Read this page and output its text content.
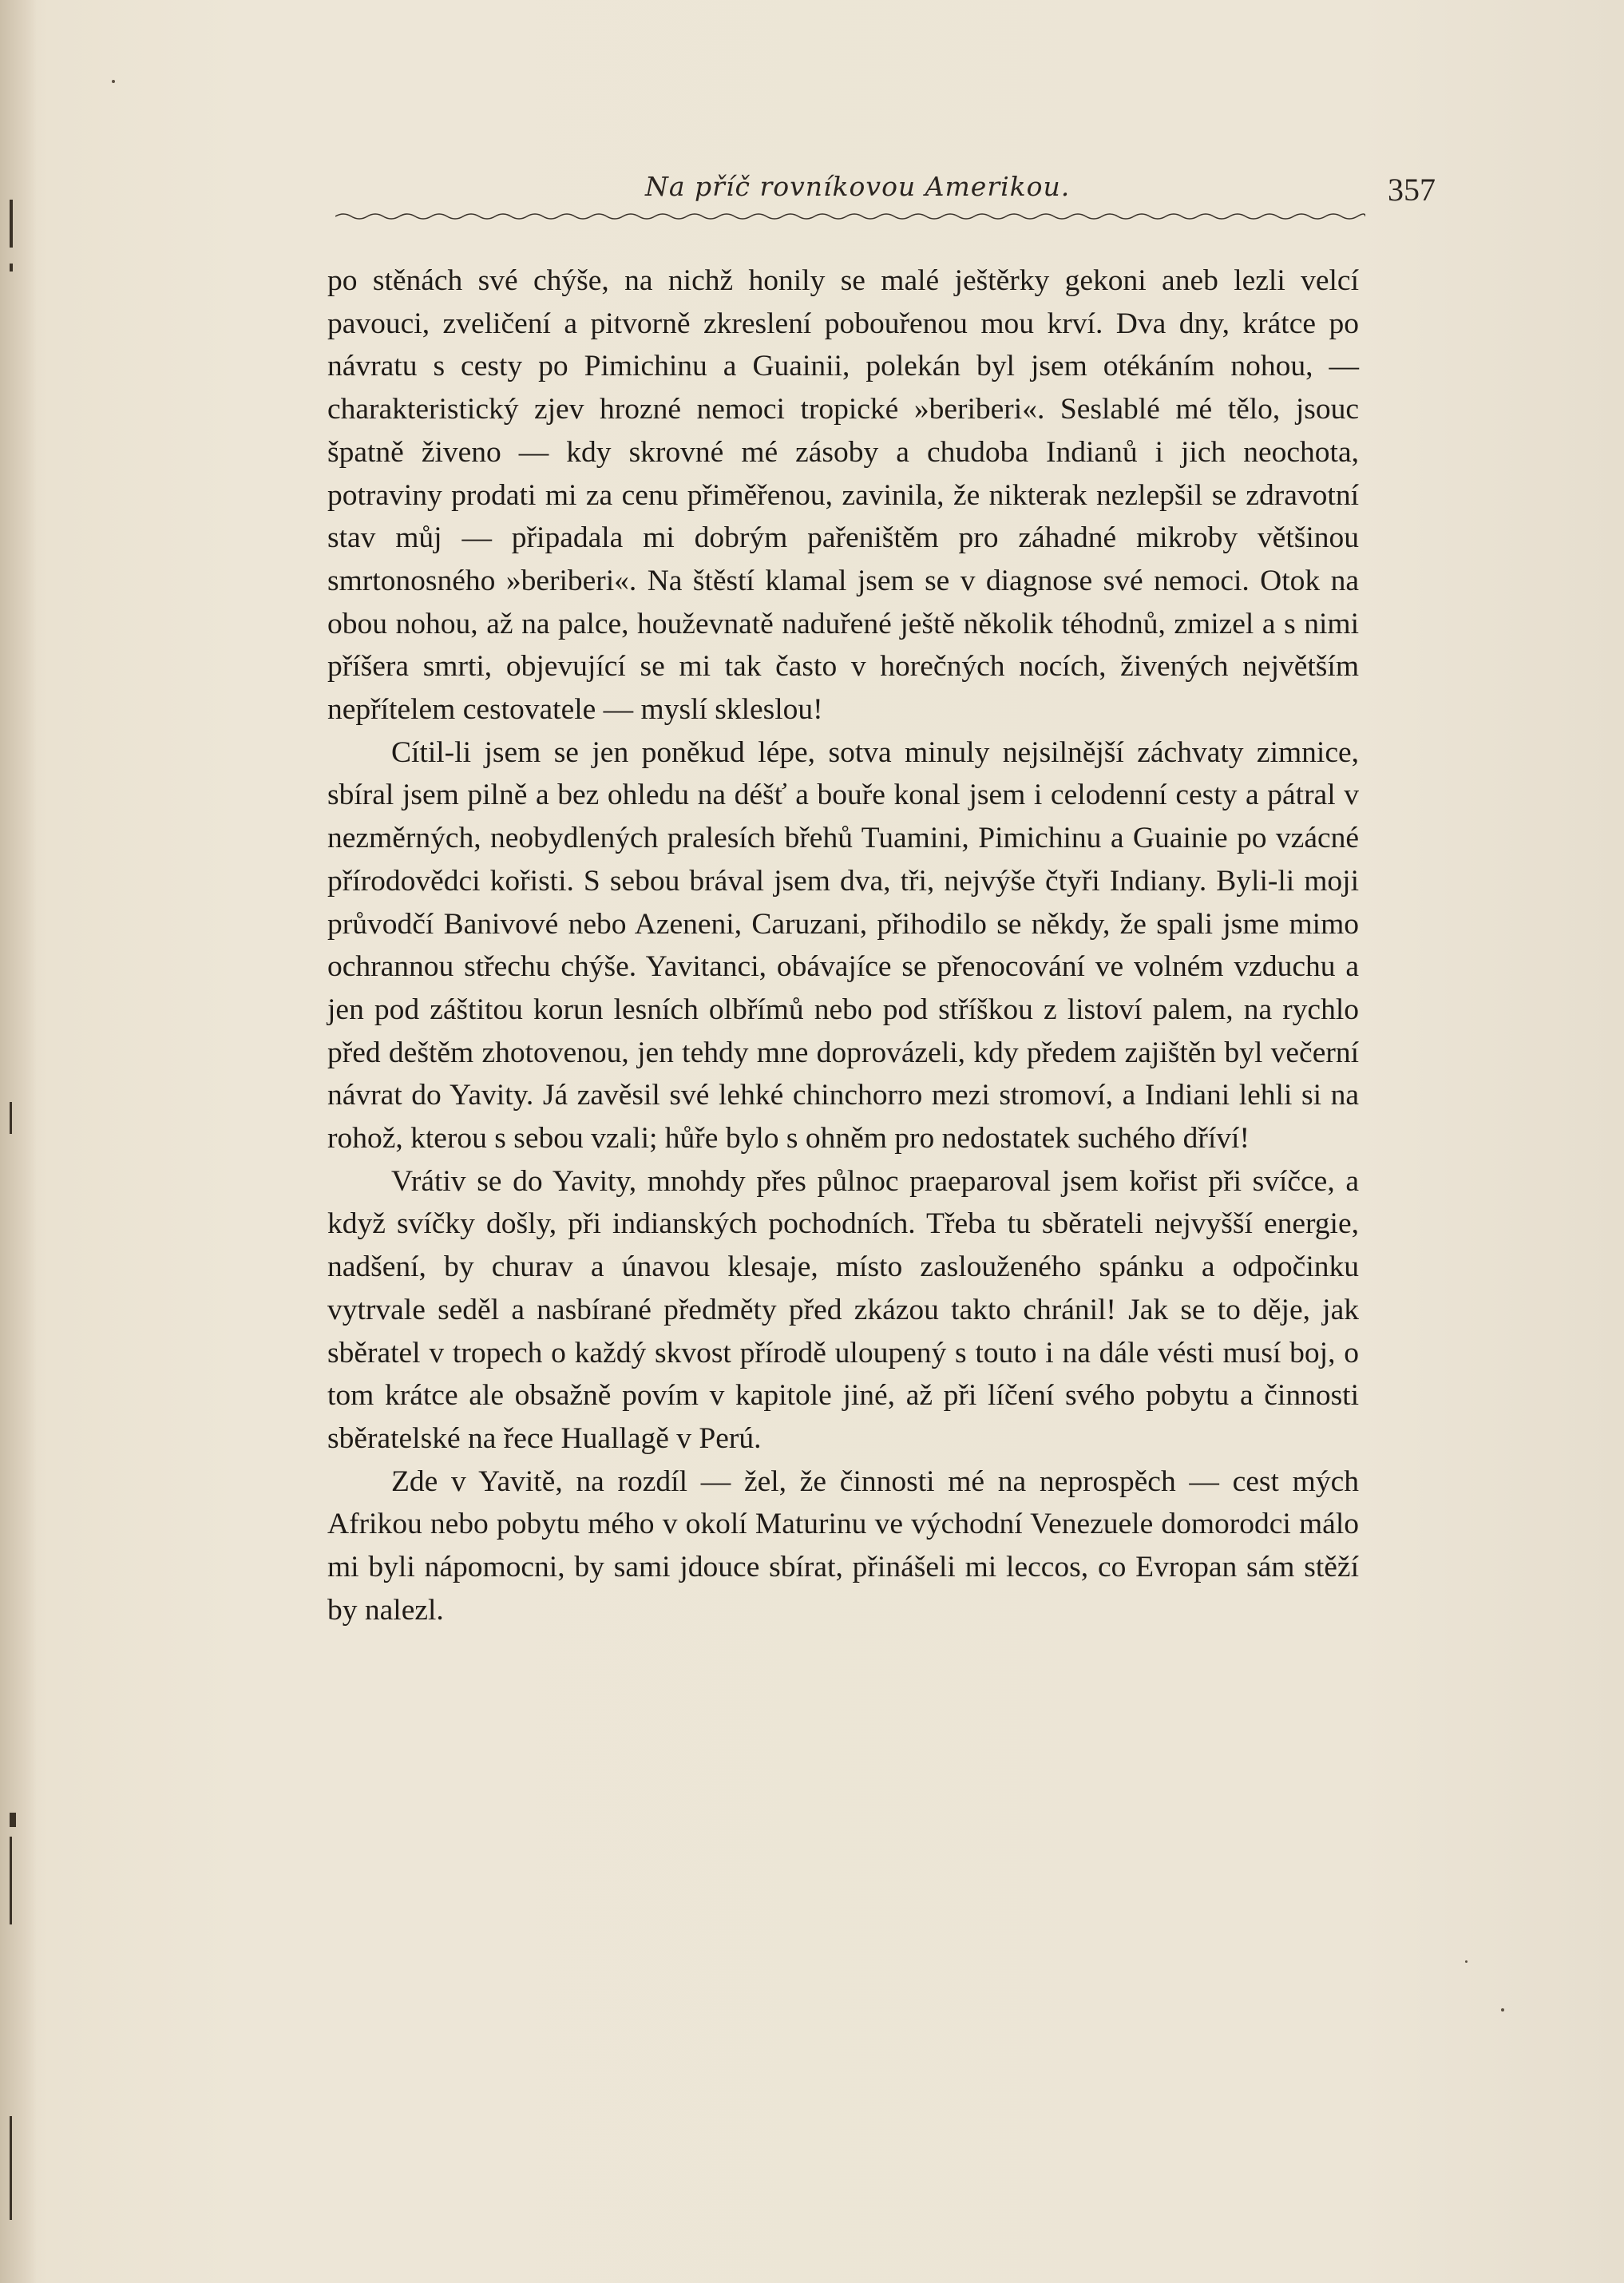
Na příč rovníkovou Amerikou.	357

po stěnách své chýše, na nichž honily se malé ještěrky gekoni aneb lezli velcí pavouci, zveličení a pitvorně zkreslení pobouřenou mou krví. Dva dny, krátce po návratu s cesty po Pimichinu a Guainii, polekán byl jsem otékáním nohou, — charakteristický zjev hrozné nemoci tropické »beriberi«. Seslablé mé tělo, jsouc špatně živeno — kdy skrovné mé zásoby a chudoba Indianů i jich neochota, potraviny prodati mi za cenu přiměřenou, zavinila, že nikterak nezlepšil se zdravotní stav můj — připadala mi dobrým pařeništěm pro záhadné mikroby většinou smrtonosného »beriberi«. Na štěstí klamal jsem se v diagnose své nemoci. Otok na obou nohou, až na palce, houževnatě naduřené ještě několik téhodnů, zmizel a s nimi příšera smrti, objevující se mi tak často v horečných nocích, živených největším nepřítelem cestovatele — myslí skleslou!

Cítil-li jsem se jen poněkud lépe, sotva minuly nejsilnější záchvaty zimnice, sbíral jsem pilně a bez ohledu na déšť a bouře konal jsem i celodenní cesty a pátral v nezměrných, neobydlených pralesích břehů Tuamini, Pimichinu a Guainie po vzácné přírodovědci kořisti. S sebou brával jsem dva, tři, nejvýše čtyři Indiany. Byli-li moji průvodčí Banivové nebo Azeneni, Caruzani, přihodilo se někdy, že spali jsme mimo ochrannou střechu chýše. Yavitanci, obávajíce se přenocování ve volném vzduchu a jen pod záštitou korun lesních olbřímů nebo pod stříškou z listoví palem, na rychlo před deštěm zhotovenou, jen tehdy mne doprovázeli, kdy předem zajištěn byl večerní návrat do Yavity. Já zavěsil své lehké chinchorro mezi stromoví, a Indiani lehli si na rohož, kterou s sebou vzali; hůře bylo s ohněm pro nedostatek suchého dříví!

Vrátiv se do Yavity, mnohdy přes půlnoc praeparoval jsem kořist při svíčce, a když svíčky došly, při indianských pochodních. Třeba tu sběrateli nejvyšší energie, nadšení, by churav a únavou klesaje, místo zaslouženého spánku a odpočinku vytrvale seděl a nasbírané předměty před zkázou takto chránil! Jak se to děje, jak sběratel v tropech o každý skvost přírodě uloupený s touto i na dále vésti musí boj, o tom krátce ale obsažně povím v kapitole jiné, až při líčení svého pobytu a činnosti sběratelské na řece Huallagě v Perú.

Zde v Yavitě, na rozdíl — žel, že činnosti mé na neprospěch — cest mých Afrikou nebo pobytu mého v okolí Maturinu ve východní Venezuele domorodci málo mi byli nápomocni, by sami jdouce sbírat, přinášeli mi leccos, co Evropan sám stěží by nalezl.
